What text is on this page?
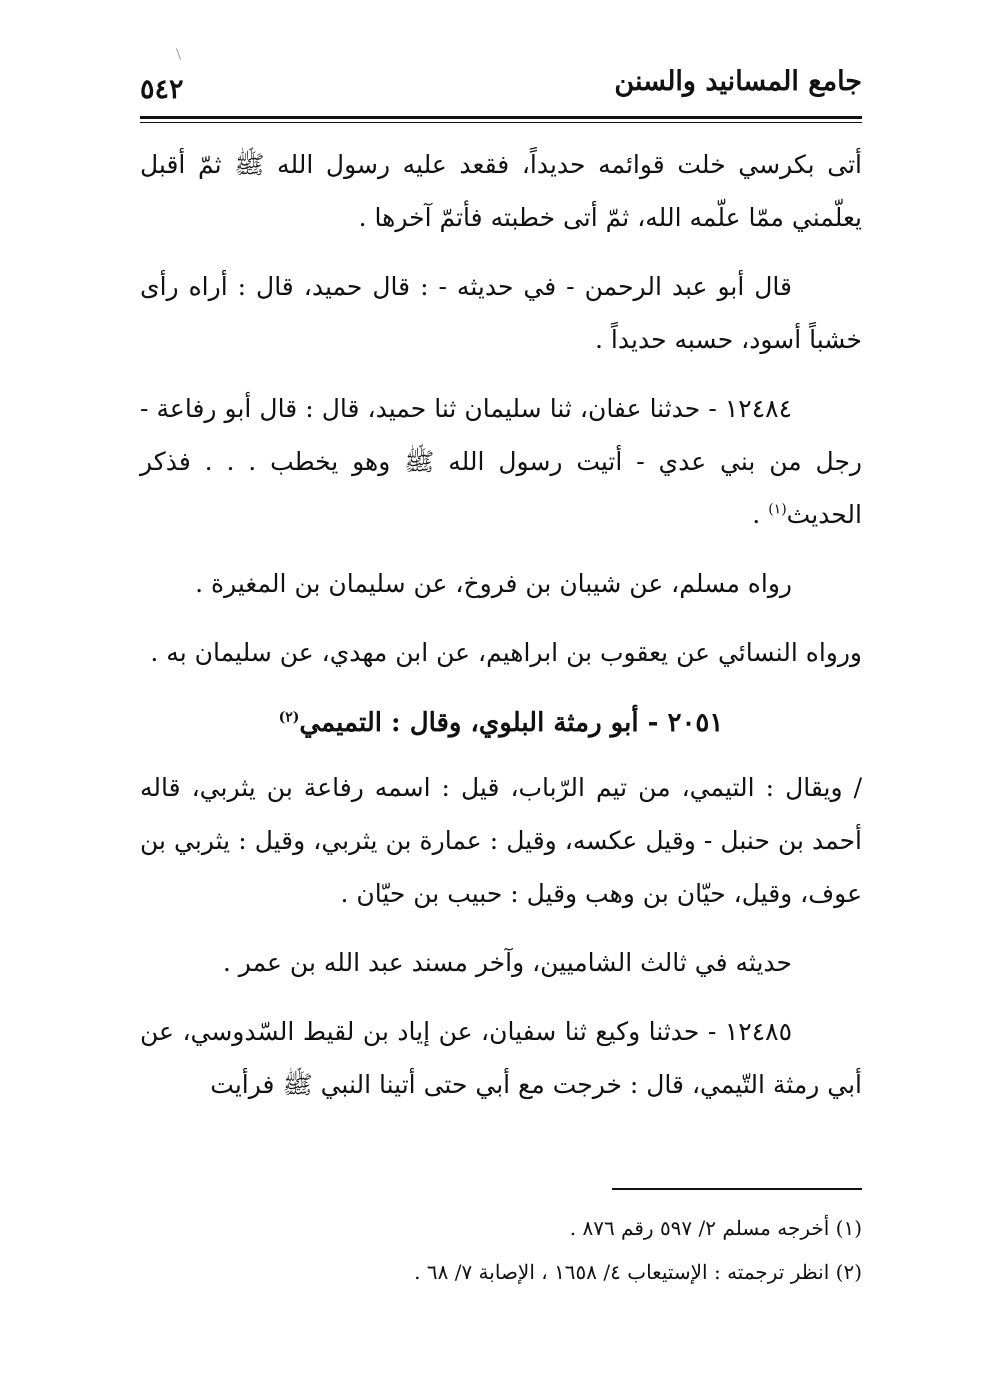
جامع المسانيد والسنن
٥٤٢

أتى بكرسي خلت قوائمه حديداً، فقعد عليه رسول الله ﷺ ثمّ أقبل يعلّمني ممّا علّمه الله، ثمّ أتى خطبته فأتمّ آخرها .

قال أبو عبد الرحمن - في حديثه - : قال حميد، قال : أراه رأى خشباً أسود، حسبه حديداً .

١٢٤٨٤ - حدثنا عفان، ثنا سليمان ثنا حميد، قال : قال أبو رفاعة - رجل من بني عدي - أتيت رسول الله ﷺ وهو يخطب . . . فذكر الحديث$^{(١)}$ .

رواه مسلم، عن شيبان بن فروخ، عن سليمان بن المغيرة .

ورواه النسائي عن يعقوب بن ابراهيم، عن ابن مهدي، عن سليمان به .

٢٠٥١ - أبو رمثة البلوي، وقال : التميمي$^{(٢)}$

/ ويقال : التيمي، من تيم الرّباب، قيل : اسمه رفاعة بن يثربي، قاله أحمد بن حنبل - وقيل عكسه، وقيل : عمارة بن يثربي، وقيل : يثربي بن عوف، وقيل، حيّان بن وهب وقيل : حبيب بن حيّان .

حديثه في ثالث الشاميين، وآخر مسند عبد الله بن عمر .

١٢٤٨٥ - حدثنا وكيع ثنا سفيان، عن إياد بن لقيط السّدوسي، عن أبي رمثة التّيمي، قال : خرجت مع أبي حتى أتينا النبي ﷺ فرأيت

(١) أخرجه مسلم ٢/ ٥٩٧ رقم ٨٧٦ .

(٢) انظر ترجمته : الإستيعاب ٤/ ١٦٥٨ ، الإصابة ٧/ ٦٨ .
